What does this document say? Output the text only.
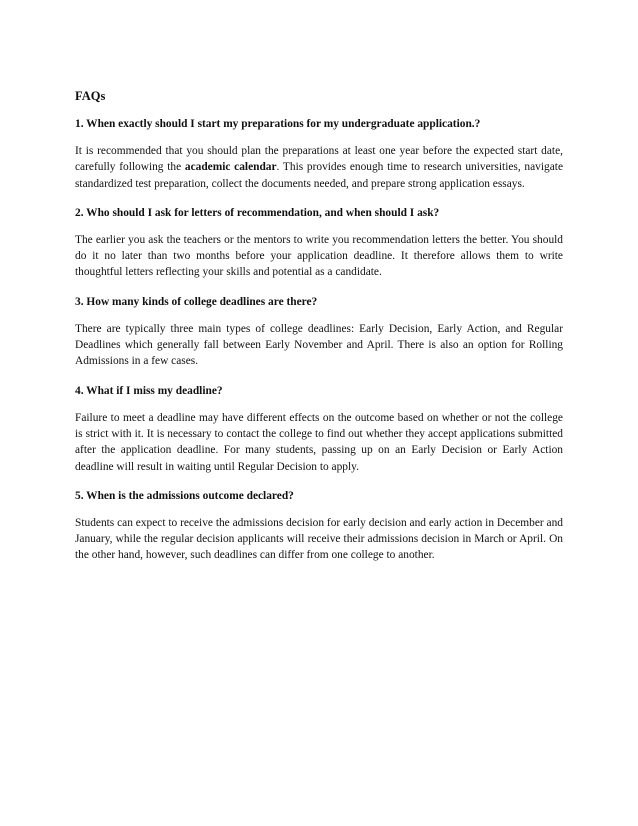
FAQs
1. When exactly should I start my preparations for my undergraduate application.?
It is recommended that you should plan the preparations at least one year before the expected start date, carefully following the academic calendar. This provides enough time to research universities, navigate standardized test preparation, collect the documents needed, and prepare strong application essays.
2. Who should I ask for letters of recommendation, and when should I ask?
The earlier you ask the teachers or the mentors to write you recommendation letters the better. You should do it no later than two months before your application deadline. It therefore allows them to write thoughtful letters reflecting your skills and potential as a candidate.
3. How many kinds of college deadlines are there?
There are typically three main types of college deadlines: Early Decision, Early Action, and Regular Deadlines which generally fall between Early November and April. There is also an option for Rolling Admissions in a few cases.
4. What if I miss my deadline?
Failure to meet a deadline may have different effects on the outcome based on whether or not the college is strict with it. It is necessary to contact the college to find out whether they accept applications submitted after the application deadline. For many students, passing up on an Early Decision or Early Action deadline will result in waiting until Regular Decision to apply.
5. When is the admissions outcome declared?
Students can expect to receive the admissions decision for early decision and early action in December and January, while the regular decision applicants will receive their admissions decision in March or April. On the other hand, however, such deadlines can differ from one college to another.
